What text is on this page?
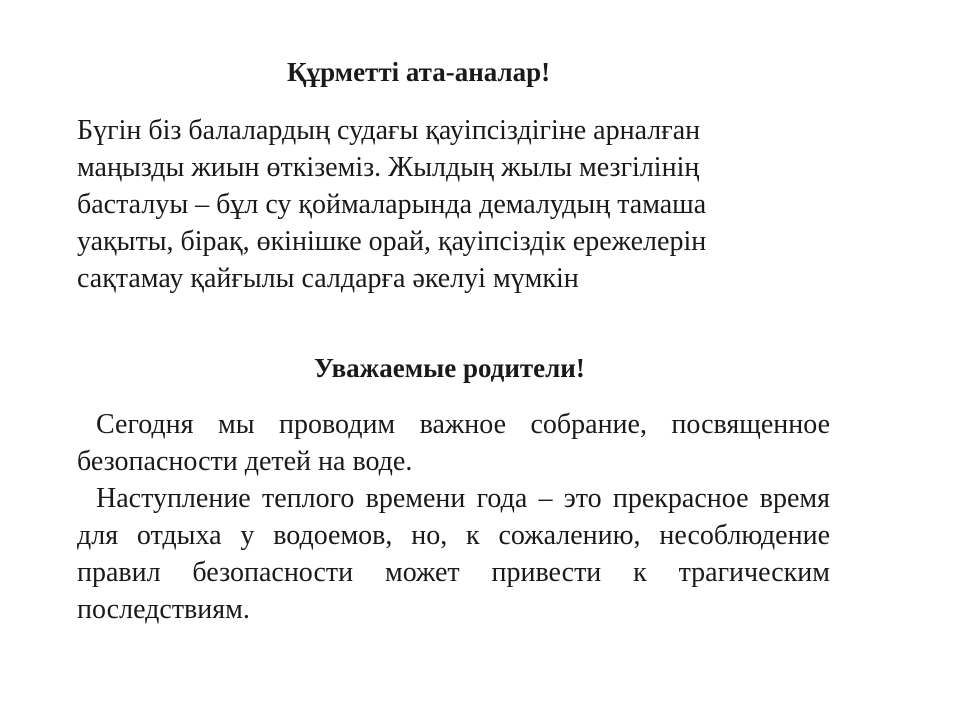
Құрметті ата-аналар!
Бүгін біз балалардың судағы қауіпсіздігіне арналған
маңызды жиын өткіземіз. Жылдың жылы мезгілінің
басталуы – бұл су қоймаларында демалудың тамаша
уақыты, бірақ, өкінішке орай, қауіпсіздік ережелерін
сақтамау қайғылы салдарға әкелуі мүмкін
Уважаемые родители!

Сегодня мы проводим важное собрание, посвященное безопасности детей на воде.

Наступление теплого времени года – это прекрасное время для отдыха у водоемов, но, к сожалению, несоблюдение правил безопасности может привести к трагическим последствиям.
